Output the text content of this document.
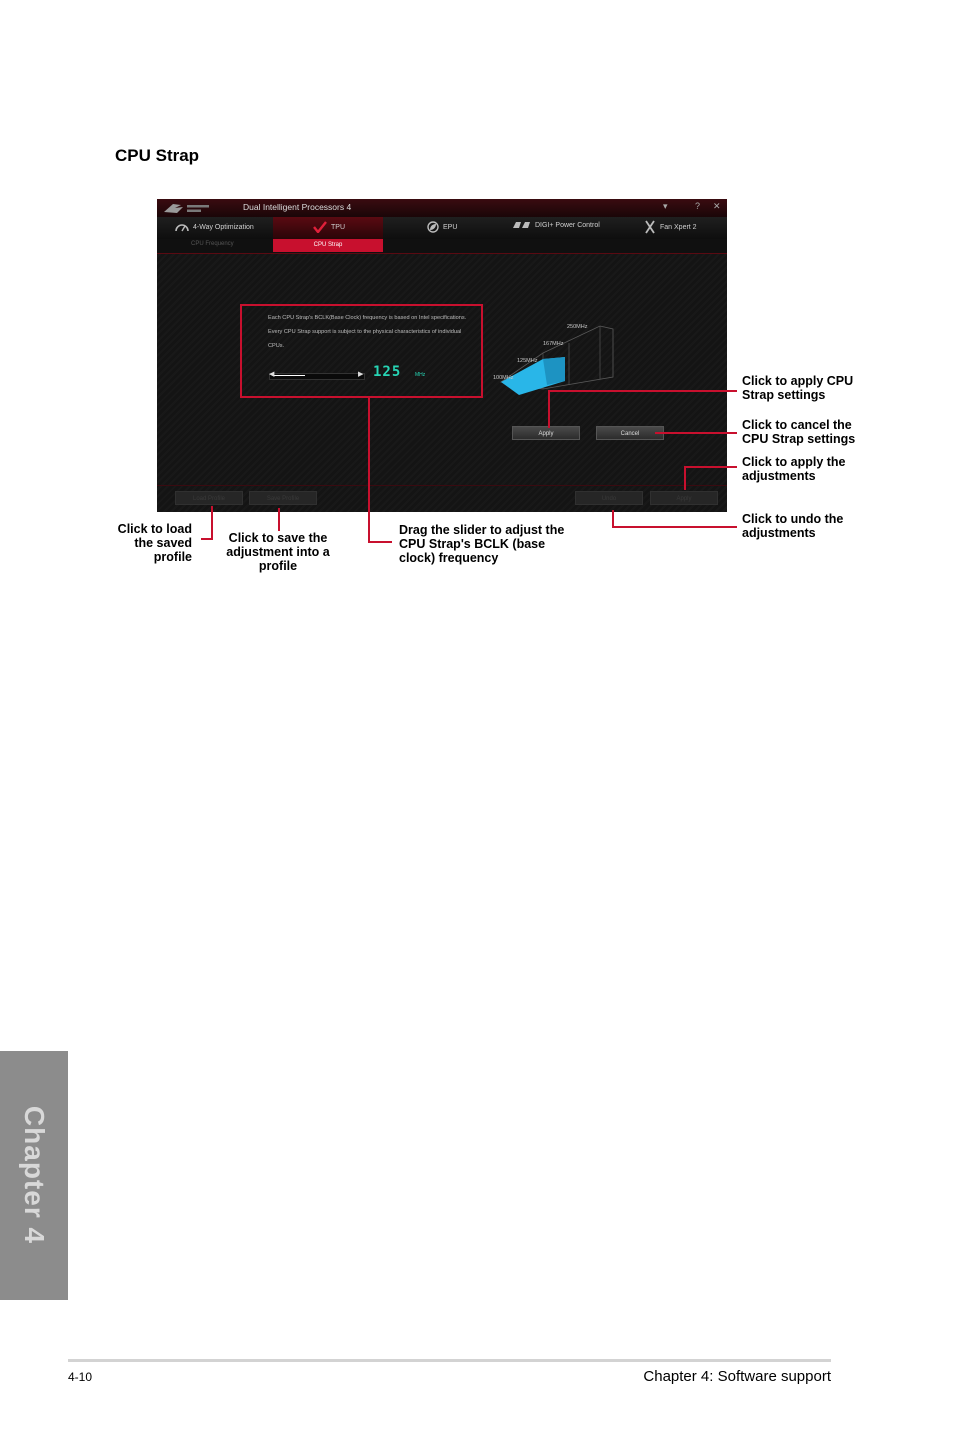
CPU Strap
Dual Intelligent Processors 4	▾	? ✕
4-Way Optimization	TPU	EPU	DIGI+ Power Control	Fan Xpert 2
CPU Frequency	CPU Strap
Each CPU Strap's BCLK(Base Clock) frequency is based on Intel specifications. Every CPU Strap support is subject to the physical characteristics of individual CPUs.
◀	▶ 125	MHz	100MHz
125MHz
167MHz
250MHz
Apply	Cancel
Load Profile	Save Profile	Undo	Apply
Click to apply CPU
Strap settings
Click to cancel the
CPU Strap settings
Click to apply the
adjustments
Click to undo the
adjustments
Click to load
the saved
profile
Click to save the
adjustment into a
profile
Drag the slider to adjust the
CPU Strap's BCLK (base
clock) frequency
Chapter 4
4-10	Chapter 4: Software support
